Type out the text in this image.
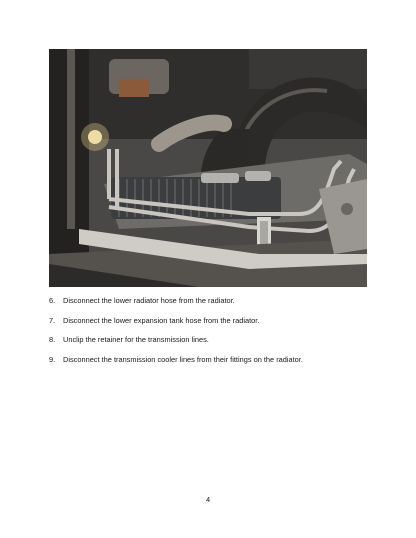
6. Disconnect the lower radiator hose from the radiator.
7. Disconnect the lower expansion tank hose from the radiator.
8. Unclip the retainer for the transmission lines.
9. Disconnect the transmission cooler lines from their fittings on the radiator.
4
